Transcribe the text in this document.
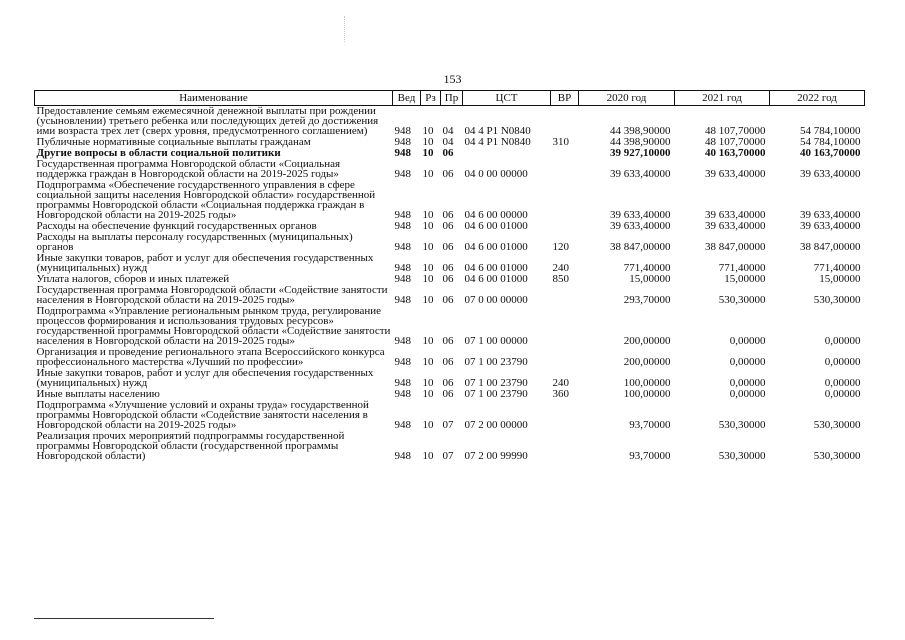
153
Наименование	Вед	Рз	Пр	ЦСТ	ВР	2020 год	2021 год	2022 год
Предоставление семьям ежемесячной денежной выплаты при рождении (усыновлении) третьего ребенка или последующих детей до достижения ими возраста трех лет (сверх уровня, предусмотренного соглашением)	948	10	04	04 4 P1 N0840		44 398,90000	48 107,70000	54 784,10000
Публичные нормативные социальные выплаты гражданам	948	10	04	04 4 P1 N0840	310	44 398,90000	48 107,70000	54 784,10000
Другие вопросы в области социальной политики	948	10	06			39 927,10000	40 163,70000	40 163,70000
Государственная программа Новгородской области «Социальная поддержка граждан в Новгородской области на 2019-2025 годы»	948	10	06	04 0 00 00000		39 633,40000	39 633,40000	39 633,40000
Подпрограмма «Обеспечение государственного управления в сфере социальной защиты населения Новгородской области» государственной программы Новгородской области «Социальная поддержка граждан в Новгородской области на 2019-2025 годы»	948	10	06	04 6 00 00000		39 633,40000	39 633,40000	39 633,40000
Расходы на обеспечение функций государственных органов	948	10	06	04 6 00 01000		39 633,40000	39 633,40000	39 633,40000
Расходы на выплаты персоналу государственных (муниципальных) органов	948	10	06	04 6 00 01000	120	38 847,00000	38 847,00000	38 847,00000
Иные закупки товаров, работ и услуг для обеспечения государственных (муниципальных) нужд	948	10	06	04 6 00 01000	240	771,40000	771,40000	771,40000
Уплата налогов, сборов и иных платежей	948	10	06	04 6 00 01000	850	15,00000	15,00000	15,00000
Государственная программа Новгородской области «Содействие занятости населения в Новгородской области на 2019-2025 годы»	948	10	06	07 0 00 00000		293,70000	530,30000	530,30000
Подпрограмма «Управление региональным рынком труда, регулирование процессов формирования и использования трудовых ресурсов» государственной программы Новгородской области «Содействие занятости населения в Новгородской области на 2019-2025 годы»	948	10	06	07 1 00 00000		200,00000	0,00000	0,00000
Организация и проведение регионального этапа Всероссийского конкурса профессионального мастерства «Лучший по профессии»	948	10	06	07 1 00 23790		200,00000	0,00000	0,00000
Иные закупки товаров, работ и услуг для обеспечения государственных (муниципальных) нужд	948	10	06	07 1 00 23790	240	100,00000	0,00000	0,00000
Иные выплаты населению	948	10	06	07 1 00 23790	360	100,00000	0,00000	0,00000
Подпрограмма «Улучшение условий и охраны труда» государственной программы Новгородской области «Содействие занятости населения в Новгородской области на 2019-2025 годы»	948	10	07	07 2 00 00000		93,70000	530,30000	530,30000
Реализация прочих мероприятий подпрограммы государственной программы Новгородской области (государственной программы Новгородской области)	948	10	07	07 2 00 99990		93,70000	530,30000	530,30000
